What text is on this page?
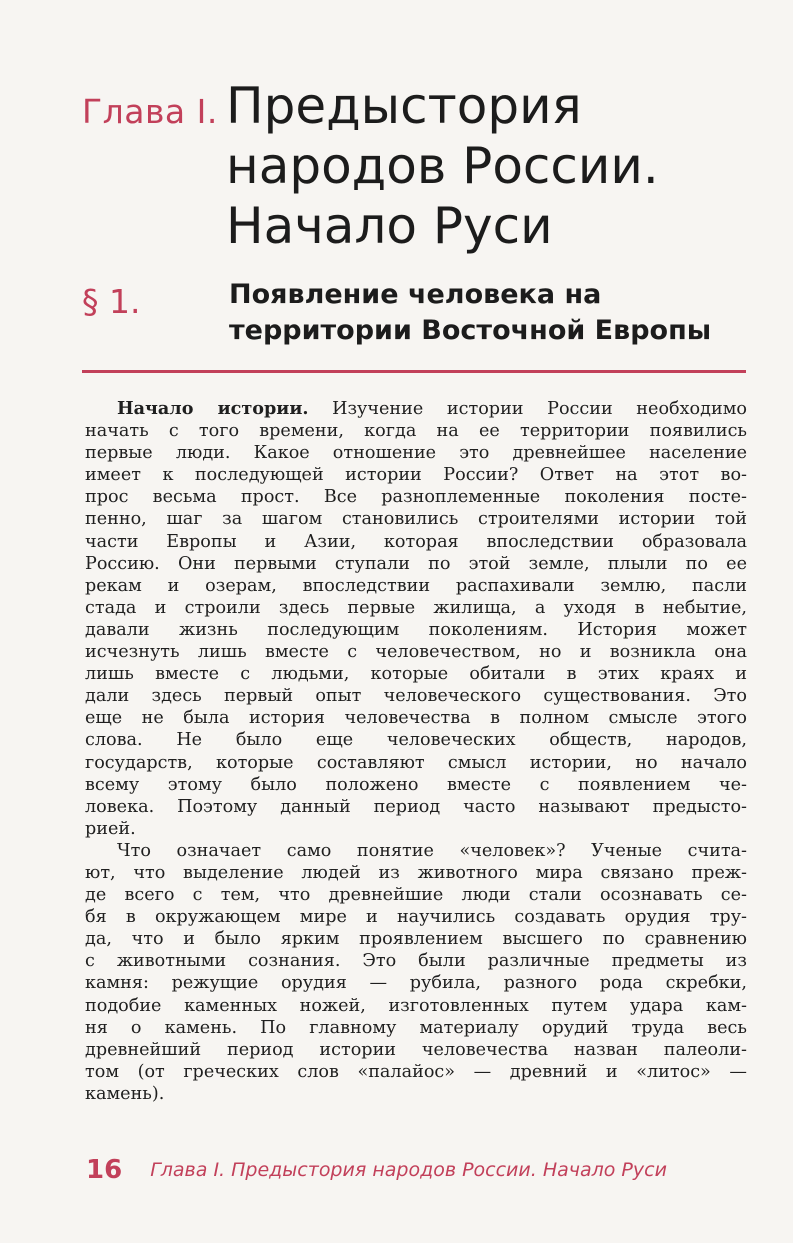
Глава I. Предыстория
народов России.
Начало Руси
§ 1.	Появление человека на
территории Восточной Европы
Начало истории. Изучение истории России необходимо
начать с того времени, когда на ее территории появились
первые люди. Какое отношение это древнейшее население
имеет к последующей истории России? Ответ на этот во-
прос весьма прост. Все разноплеменные поколения посте-
пенно, шаг за шагом становились строителями истории той
части Европы и Азии, которая впоследствии образовала
Россию. Они первыми ступали по этой земле, плыли по ее
рекам и озерам, впоследствии распахивали землю, пасли
стада и строили здесь первые жилища, а уходя в небытие,
давали жизнь последующим поколениям. История может
исчезнуть лишь вместе с человечеством, но и возникла она
лишь вместе с людьми, которые обитали в этих краях и
дали здесь первый опыт человеческого существования. Это
еще не была история человечества в полном смысле этого
слова. Не было еще человеческих обществ, народов,
государств, которые составляют смысл истории, но начало
всему этому было положено вместе с появлением че-
ловека. Поэтому данный период часто называют предысто-
рией.
Что означает само понятие «человек»? Ученые счита-
ют, что выделение людей из животного мира связано преж-
де всего с тем, что древнейшие люди стали осознавать се-
бя в окружающем мире и научились создавать орудия тру-
да, что и было ярким проявлением высшего по сравнению
с животными сознания. Это были различные предметы из
камня: режущие орудия — рубила, разного рода скребки,
подобие каменных ножей, изготовленных путем удара кам-
ня о камень. По главному материалу орудий труда весь
древнейший период истории человечества назван палеоли-
том (от греческих слов «палайос» — древний и «литос» —
камень).
16 Глава I. Предыстория народов России. Начало Руси
